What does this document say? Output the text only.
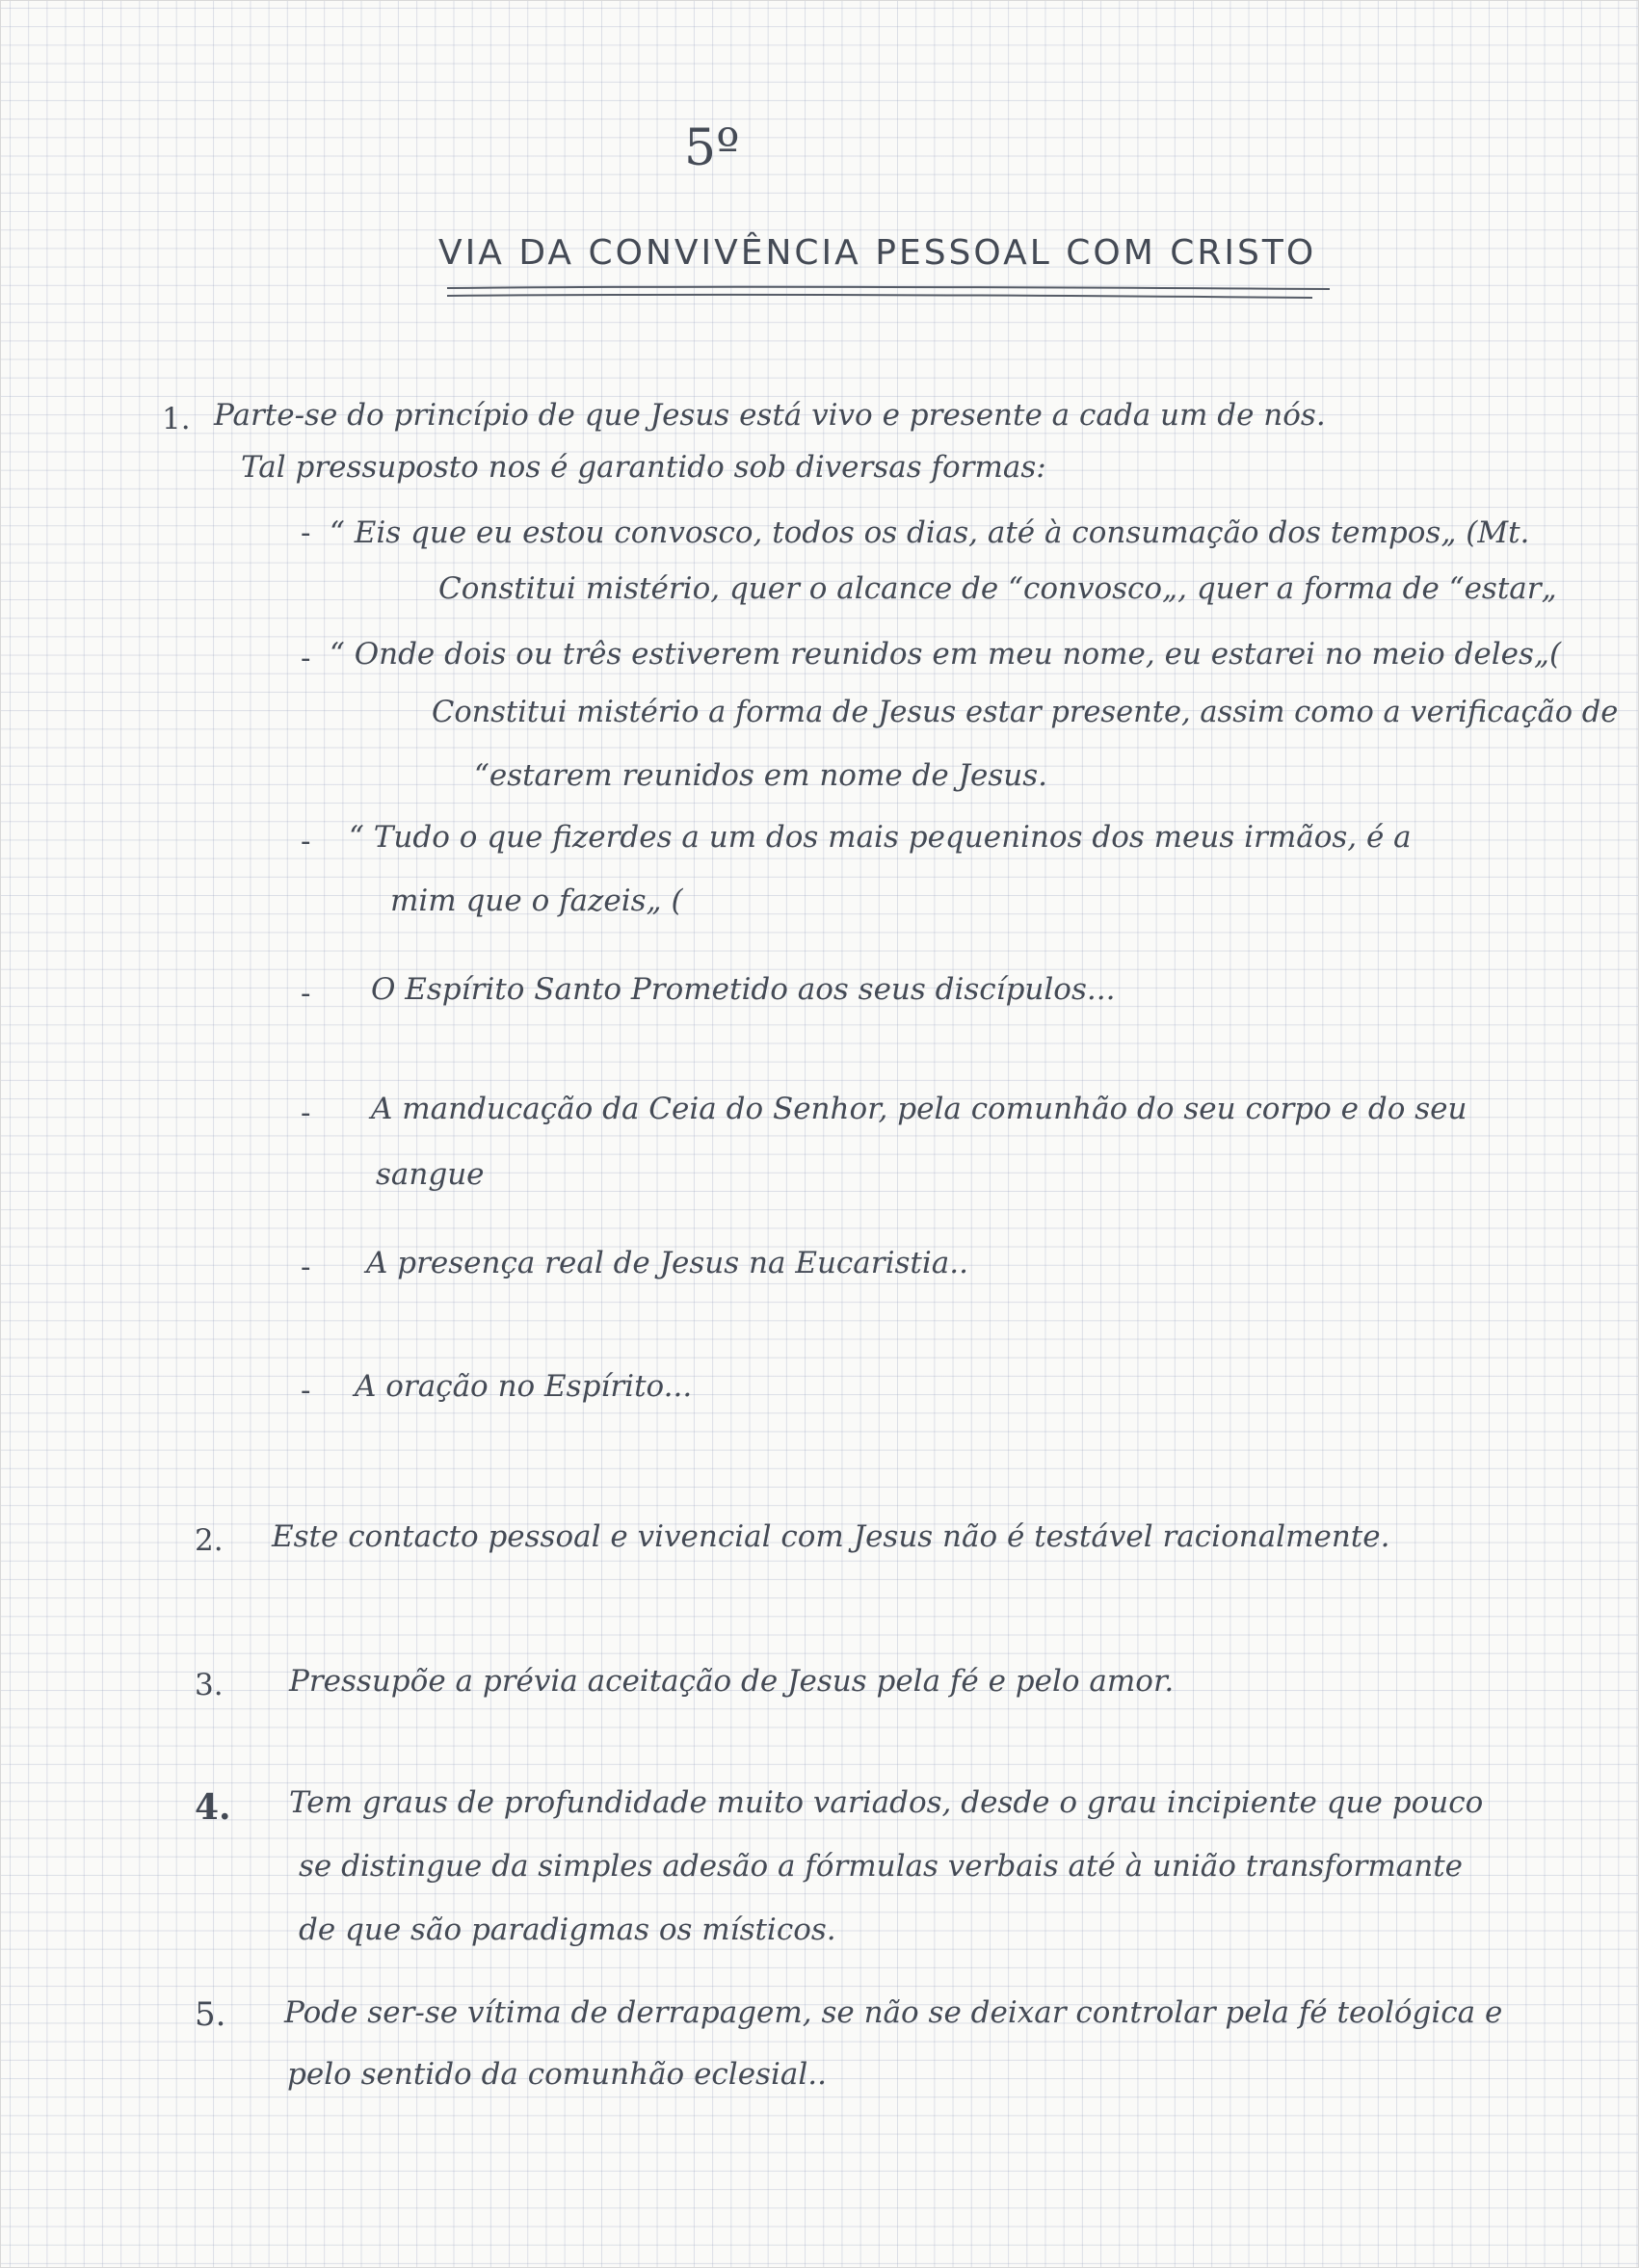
5º
VIA DA CONVIVÊNCIA PESSOAL COM CRISTO
1. Parte-se do princípio de que Jesus está vivo e presente a cada um de nós.
Tal pressuposto nos é garantido sob diversas formas:
- “ Eis que eu estou convosco, todos os dias, até à consumação dos tempos„ (Mt.
Constitui mistério, quer o alcance de “convosco„, quer a forma de “estar„
- “ Onde dois ou três estiverem reunidos em meu nome, eu estarei no meio deles„(
Constitui mistério a forma de Jesus estar presente, assim como a verificação de
“estarem reunidos em nome de Jesus.
- “ Tudo o que fizerdes a um dos mais pequeninos dos meus irmãos, é a
mim que o fazeis„ (
- O Espírito Santo Prometido aos seus discípulos...
- A manducação da Ceia do Senhor, pela comunhão do seu corpo e do seu
sangue
- A presença real de Jesus na Eucaristia..
- A oração no Espírito...
2. Este contacto pessoal e vivencial com Jesus não é testável racionalmente.
3. Pressupõe a prévia aceitação de Jesus pela fé e pelo amor.
4. Tem graus de profundidade muito variados, desde o grau incipiente que pouco
se distingue da simples adesão a fórmulas verbais até à união transformante
de que são paradigmas os místicos.
5. Pode ser-se vítima de derrapagem, se não se deixar controlar pela fé teológica e
pelo sentido da comunhão eclesial..
